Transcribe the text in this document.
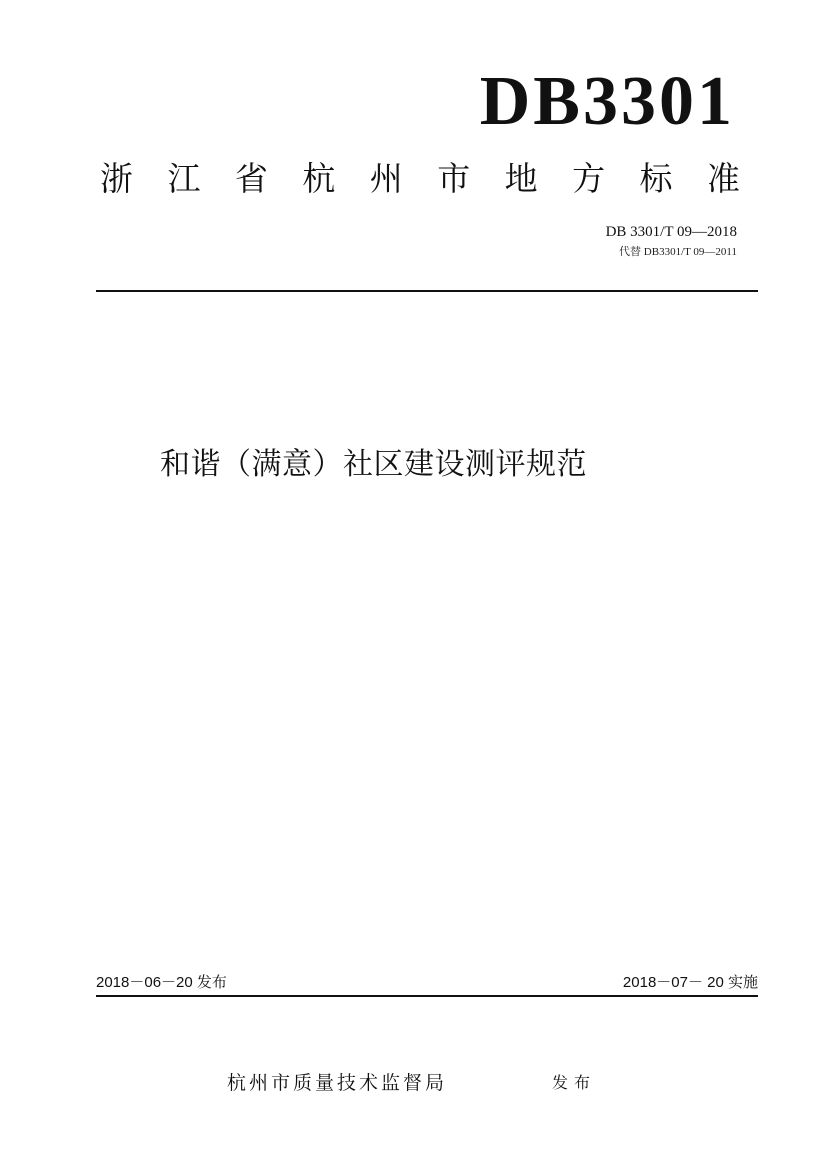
DB3301
浙 江 省 杭 州 市 地 方 标 准
DB 3301/T 09—2018
代替 DB3301/T 09—2011
和谐（满意）社区建设测评规范
2018－06－20 发布	2018－07－ 20 实施
杭州市质量技术监督局	发布
